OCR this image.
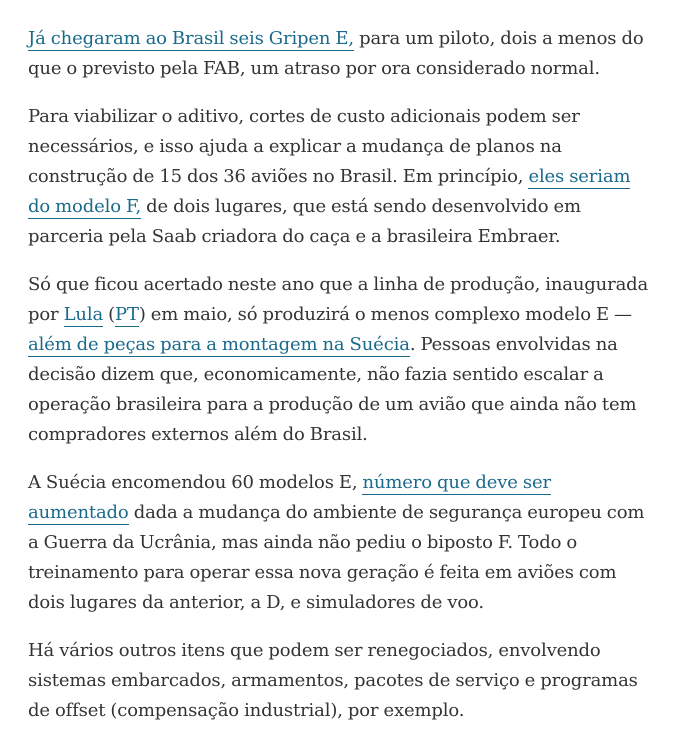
Já chegaram ao Brasil seis Gripen E, para um piloto, dois a menos do que o previsto pela FAB, um atraso por ora considerado normal.

Para viabilizar o aditivo, cortes de custo adicionais podem ser necessários, e isso ajuda a explicar a mudança de planos na construção de 15 dos 36 aviões no Brasil. Em princípio, eles seriam do modelo F, de dois lugares, que está sendo desenvolvido em parceria pela Saab criadora do caça e a brasileira Embraer.

Só que ficou acertado neste ano que a linha de produção, inaugurada por Lula (PT) em maio, só produzirá o menos complexo modelo E — além de peças para a montagem na Suécia. Pessoas envolvidas na decisão dizem que, economicamente, não fazia sentido escalar a operação brasileira para a produção de um avião que ainda não tem compradores externos além do Brasil.

A Suécia encomendou 60 modelos E, número que deve ser aumentado dada a mudança do ambiente de segurança europeu com a Guerra da Ucrânia, mas ainda não pediu o biposto F. Todo o treinamento para operar essa nova geração é feita em aviões com dois lugares da anterior, a D, e simuladores de voo.

Há vários outros itens que podem ser renegociados, envolvendo sistemas embarcados, armamentos, pacotes de serviço e programas de offset (compensação industrial), por exemplo.
